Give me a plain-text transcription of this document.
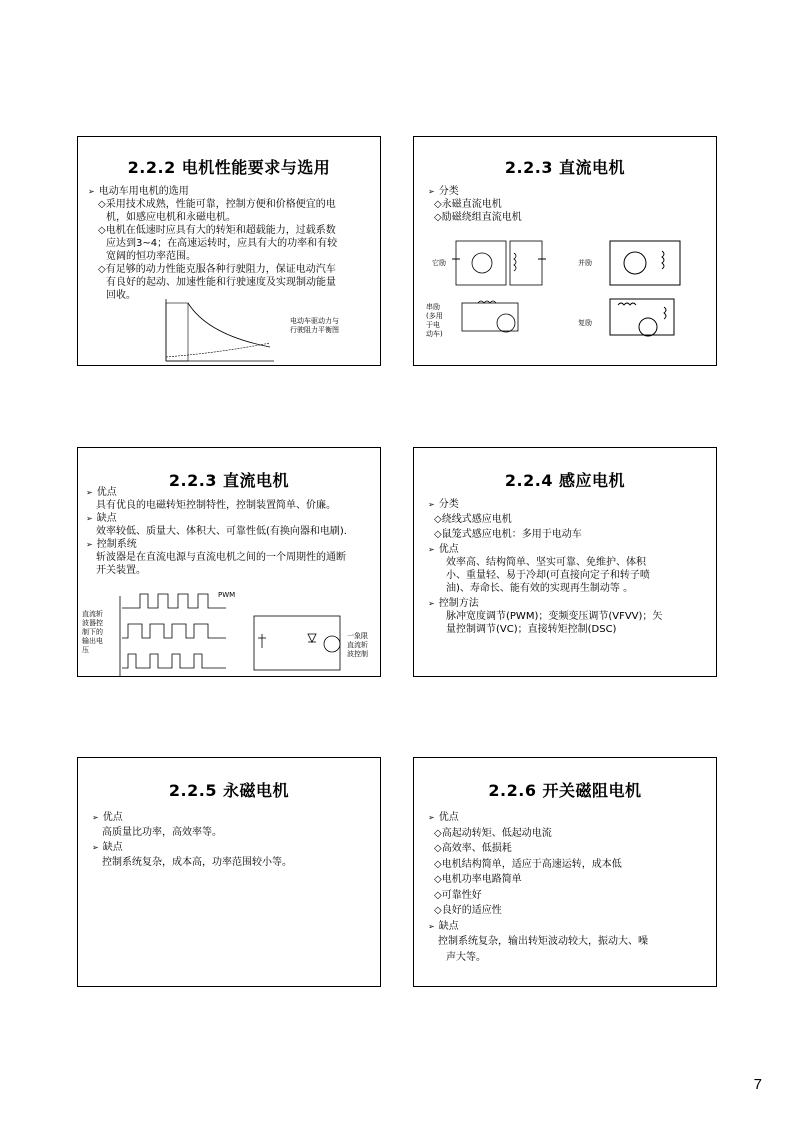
2.2.2 电机性能要求与选用
➢ 电动车用电机的选用
◇采用技术成熟，性能可靠，控制方便和价格便宜的电
机，如感应电机和永磁电机。
◇电机在低速时应具有大的转矩和超载能力，过载系数
应达到3~4；在高速运转时，应具有大的功率和有较
宽阔的恒功率范围。
◇有足够的动力性能克服各种行驶阻力，保证电动汽车
有良好的起动、加速性能和行驶速度及实现制动能量
回收。
电动车驱动力与
行驶阻力平衡图
2.2.3 直流电机
➢ 分类
◇永磁直流电机
◇励磁绕组直流电机
它励	并励
串励
(多用
于电
动车)
复励
2.2.3 直流电机
➢ 优点
具有优良的电磁转矩控制特性，控制装置简单、价廉。
➢ 缺点
效率较低、质量大、体积大、可靠性低(有换向器和电刷).
➢ 控制系统
斩波器是在直流电源与直流电机之间的一个周期性的通断
开关装置。
直流斩
波器控
制下的
输出电
压
PWM
一象限
直流斩
波控制
2.2.4 感应电机
➢ 分类
◇绕线式感应电机
◇鼠笼式感应电机：多用于电动车
➢ 优点
效率高、结构简单、坚实可靠、免维护、体积
小、重量轻、易于冷却(可直接向定子和转子喷
油)、寿命长、能有效的实现再生制动等 。
➢ 控制方法
脉冲宽度调节(PWM)；变频变压调节(VFVV)；矢
量控制调节(VC)；直接转矩控制(DSC)
2.2.5 永磁电机
➢ 优点
高质量比功率，高效率等。
➢ 缺点
控制系统复杂，成本高，功率范围较小等。
2.2.6 开关磁阻电机
➢ 优点
◇高起动转矩、低起动电流
◇高效率、低损耗
◇电机结构简单，适应于高速运转，成本低
◇电机功率电路简单
◇可靠性好
◇良好的适应性
➢ 缺点
控制系统复杂，输出转矩波动较大，振动大、噪
声大等。
7
